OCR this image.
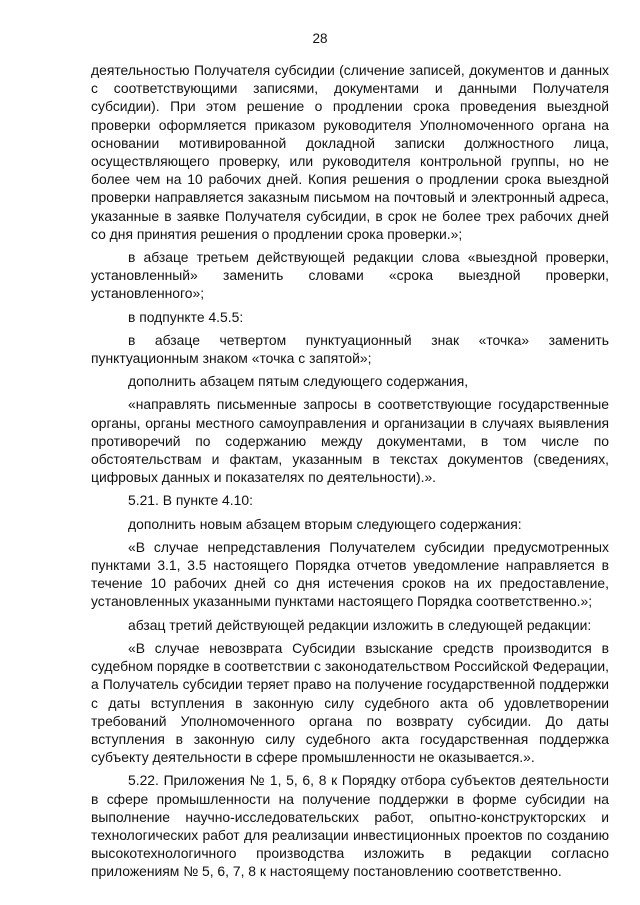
28

деятельностью Получателя субсидии (сличение записей, документов и данных с соответствующими записями, документами и данными Получателя субсидии). При этом решение о продлении срока проведения выездной проверки оформляется приказом руководителя Уполномоченного органа на основании мотивированной докладной записки должностного лица, осуществляющего проверку, или руководителя контрольной группы, но не более чем на 10 рабочих дней. Копия решения о продлении срока выездной проверки направляется заказным письмом на почтовый и электронный адреса, указанные в заявке Получателя субсидии, в срок не более трех рабочих дней со дня принятия решения о продлении срока проверки.»;

в абзаце третьем действующей редакции слова «выездной проверки, установленный» заменить словами «срока выездной проверки, установленного»;

в подпункте 4.5.5:

в абзаце четвертом пунктуационный знак «точка» заменить пунктуационным знаком «точка с запятой»;

дополнить абзацем пятым следующего содержания,

«направлять письменные запросы в соответствующие государственные органы, органы местного самоуправления и организации в случаях выявления противоречий по содержанию между документами, в том числе по обстоятельствам и фактам, указанным в текстах документов (сведениях, цифровых данных и показателях по деятельности).».

5.21. В пункте 4.10:

дополнить новым абзацем вторым следующего содержания:

«В случае непредставления Получателем субсидии предусмотренных пунктами 3.1, 3.5 настоящего Порядка отчетов уведомление направляется в течение 10 рабочих дней со дня истечения сроков на их предоставление, установленных указанными пунктами настоящего Порядка соответственно.»;

абзац третий действующей редакции изложить в следующей редакции:

«В случае невозврата Субсидии взыскание средств производится в судебном порядке в соответствии с законодательством Российской Федерации, а Получатель субсидии теряет право на получение государственной поддержки с даты вступления в законную силу судебного акта об удовлетворении требований Уполномоченного органа по возврату субсидии. До даты вступления в законную силу судебного акта государственная поддержка субъекту деятельности в сфере промышленности не оказывается.».

5.22. Приложения № 1, 5, 6, 8 к Порядку отбора субъектов деятельности в сфере промышленности на получение поддержки в форме субсидии на выполнение научно-исследовательских работ, опытно-конструкторских и технологических работ для реализации инвестиционных проектов по созданию высокотехнологичного производства изложить в редакции согласно приложениям № 5, 6, 7, 8 к настоящему постановлению соответственно.
